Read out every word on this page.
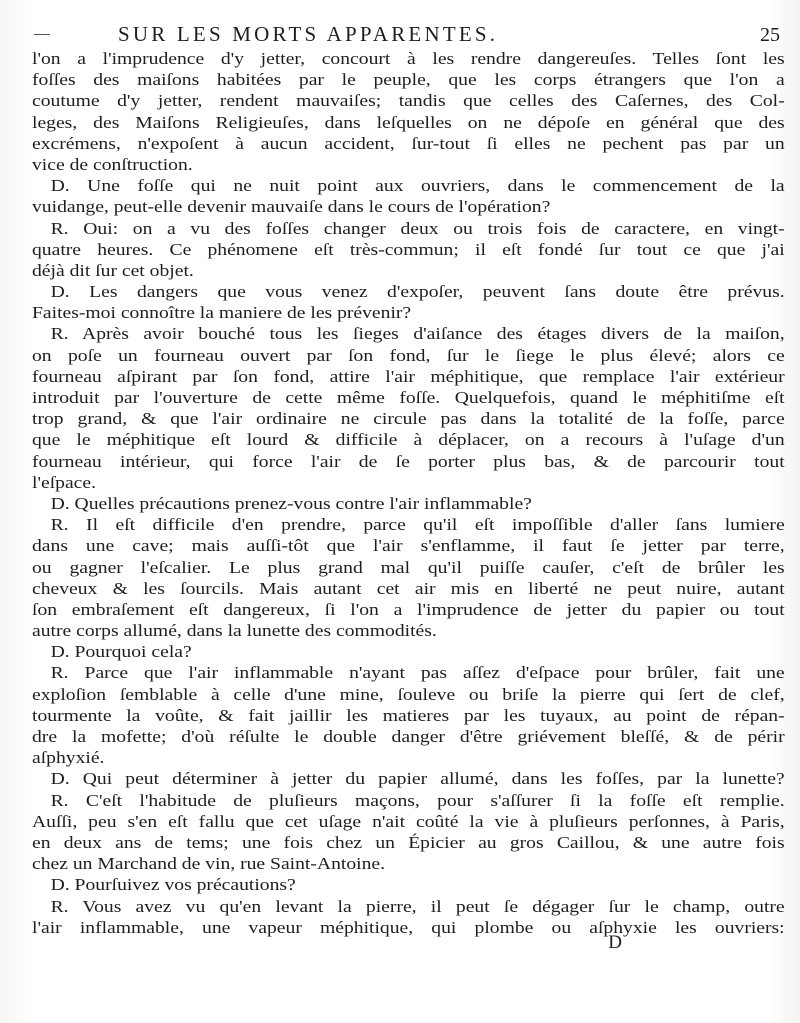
SUR LES MORTS APPARENTES.	25
l'on a l'imprudence d'y jetter, concourt à les rendre dangereuſes. Telles ſont les
foſſes des maiſons habitées par le peuple, que les corps étrangers que l'on a
coutume d'y jetter, rendent mauvaiſes; tandis que celles des Caſernes, des Col-
leges, des Maiſons Religieuſes, dans leſquelles on ne dépoſe en général que des
excrémens, n'expoſent à aucun accident, ſur-tout ſi elles ne pechent pas par un
vice de conſtruction.
D. Une foſſe qui ne nuit point aux ouvriers, dans le commencement de la
vuidange, peut-elle devenir mauvaiſe dans le cours de l'opération?
R. Oui: on a vu des foſſes changer deux ou trois fois de caractere, en vingt-
quatre heures. Ce phénomene eſt très-commun; il eſt fondé ſur tout ce que j'ai
déjà dit ſur cet objet.
D. Les dangers que vous venez d'expoſer, peuvent ſans doute être prévus.
Faites-moi connoître la maniere de les prévenir?
R. Après avoir bouché tous les ſieges d'aiſance des étages divers de la maiſon,
on poſe un fourneau ouvert par ſon fond, ſur le ſiege le plus élevé; alors ce
fourneau aſpirant par ſon fond, attire l'air méphitique, que remplace l'air extérieur
introduit par l'ouverture de cette même foſſe. Quelquefois, quand le méphitiſme eſt
trop grand, & que l'air ordinaire ne circule pas dans la totalité de la foſſe, parce
que le méphitique eſt lourd & difficile à déplacer, on a recours à l'uſage d'un
fourneau intérieur, qui force l'air de ſe porter plus bas, & de parcourir tout
l'eſpace.
D. Quelles précautions prenez-vous contre l'air inflammable?
R. Il eſt difficile d'en prendre, parce qu'il eſt impoſſible d'aller ſans lumiere
dans une cave; mais auſſi-tôt que l'air s'enflamme, il faut ſe jetter par terre,
ou gagner l'eſcalier. Le plus grand mal qu'il puiſſe cauſer, c'eſt de brûler les
cheveux & les ſourcils. Mais autant cet air mis en liberté ne peut nuire, autant
ſon embraſement eſt dangereux, ſi l'on a l'imprudence de jetter du papier ou tout
autre corps allumé, dans la lunette des commodités.
D. Pourquoi cela?
R. Parce que l'air inflammable n'ayant pas aſſez d'eſpace pour brûler, fait une
exploſion ſemblable à celle d'une mine, ſouleve ou briſe la pierre qui ſert de clef,
tourmente la voûte, & fait jaillir les matieres par les tuyaux, au point de répan-
dre la mofette; d'où réſulte le double danger d'être griévement bleſſé, & de périr
aſphyxié.
D. Qui peut déterminer à jetter du papier allumé, dans les foſſes, par la lunette?
R. C'eſt l'habitude de pluſieurs maçons, pour s'aſſurer ſi la foſſe eſt remplie.
Auſſi, peu s'en eſt fallu que cet uſage n'ait coûté la vie à pluſieurs perſonnes, à Paris,
en deux ans de tems; une fois chez un Épicier au gros Caillou, & une autre fois
chez un Marchand de vin, rue Saint-Antoine.
D. Pourſuivez vos précautions?
R. Vous avez vu qu'en levant la pierre, il peut ſe dégager ſur le champ, outre
l'air inflammable, une vapeur méphitique, qui plombe ou aſphyxie les ouvriers:
D
